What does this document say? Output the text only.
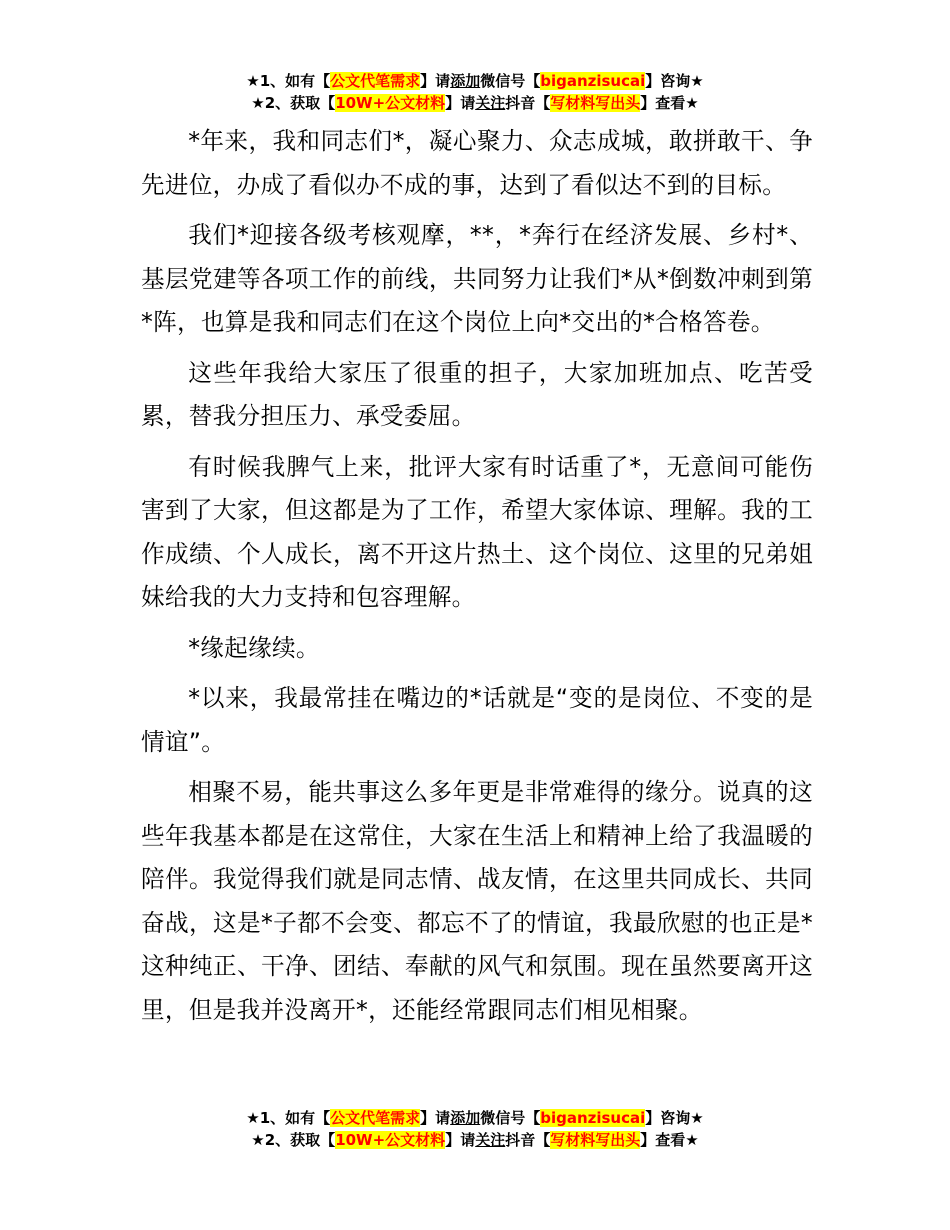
★1、如有【公文代笔需求】请添加微信号【biganzisucai】咨询★
★2、获取【10W+公文材料】请关注抖音【写材料写出头】查看★

*年来，我和同志们*，凝心聚力、众志成城，敢拼敢干、争先进位，办成了看似办不成的事，达到了看似达不到的目标。

我们*迎接各级考核观摩，**，*奔行在经济发展、乡村*、基层党建等各项工作的前线，共同努力让我们*从*倒数冲刺到第*阵，也算是我和同志们在这个岗位上向*交出的*合格答卷。

这些年我给大家压了很重的担子，大家加班加点、吃苦受累，替我分担压力、承受委屈。

有时候我脾气上来，批评大家有时话重了*，无意间可能伤害到了大家，但这都是为了工作，希望大家体谅、理解。我的工作成绩、个人成长，离不开这片热土、这个岗位、这里的兄弟姐妹给我的大力支持和包容理解。

*缘起缘续。

*以来，我最常挂在嘴边的*话就是“变的是岗位、不变的是情谊”。

相聚不易，能共事这么多年更是非常难得的缘分。说真的这些年我基本都是在这常住，大家在生活上和精神上给了我温暖的陪伴。我觉得我们就是同志情、战友情，在这里共同成长、共同奋战，这是*子都不会变、都忘不了的情谊，我最欣慰的也正是*这种纯正、干净、团结、奉献的风气和氛围。现在虽然要离开这里，但是我并没离开*，还能经常跟同志们相见相聚。

★1、如有【公文代笔需求】请添加微信号【biganzisucai】咨询★
★2、获取【10W+公文材料】请关注抖音【写材料写出头】查看★
